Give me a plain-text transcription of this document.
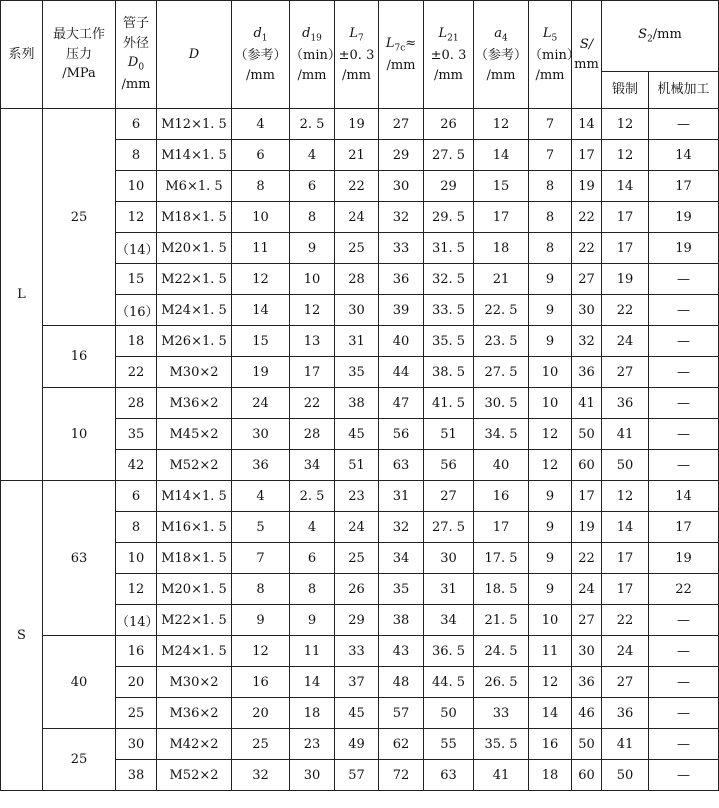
系列	最大工作
压力
/MPa	管子
外径
$D_0$
/mm	D	$d_1$
（参考）
/mm	$d_{19}$
（min）
/mm	$L_7$
±0. 3
/mm	$L_{7c}\approx$
/mm	$L_{21}$
±0. 3
/mm	$a_4$
（参考）
/mm	$L_5$
（min）
/mm	S/
mm	$S_2/mm$	
												锻制	机械加工
L	25	6	M12×1. 5	4	2. 5	19	27	26	12	7	14	12	—
		8	M14×1. 5	6	4	21	29	27. 5	14	7	17	12	14
		10	M6×1. 5	8	6	22	30	29	15	8	19	14	17
		12	M18×1. 5	10	8	24	32	29. 5	17	8	22	17	19
		（14）	M20×1. 5	11	9	25	33	31. 5	18	8	22	17	19
		15	M22×1. 5	12	10	28	36	32. 5	21	9	27	19	—
		（16）	M24×1. 5	14	12	30	39	33. 5	22. 5	9	30	22	—
	16	18	M26×1. 5	15	13	31	40	35. 5	23. 5	9	32	24	—
		22	M30×2	19	17	35	44	38. 5	27. 5	10	36	27	—
	10	28	M36×2	24	22	38	47	41. 5	30. 5	10	41	36	—
		35	M45×2	30	28	45	56	51	34. 5	12	50	41	—
		42	M52×2	36	34	51	63	56	40	12	60	50	—
S	63	6	M14×1. 5	4	2. 5	23	31	27	16	9	17	12	14
		8	M16×1. 5	5	4	24	32	27. 5	17	9	19	14	17
		10	M18×1. 5	7	6	25	34	30	17. 5	9	22	17	19
		12	M20×1. 5	8	8	26	35	31	18. 5	9	24	17	22
		（14）	M22×1. 5	9	9	29	38	34	21. 5	10	27	22	—
	40	16	M24×1. 5	12	11	33	43	36. 5	24. 5	11	30	24	—
		20	M30×2	16	14	37	48	44. 5	26. 5	12	36	27	—
		25	M36×2	20	18	45	57	50	33	14	46	36	—
	25	30	M42×2	25	23	49	62	55	35. 5	16	50	41	—
		38	M52×2	32	30	57	72	63	41	18	60	50	—
